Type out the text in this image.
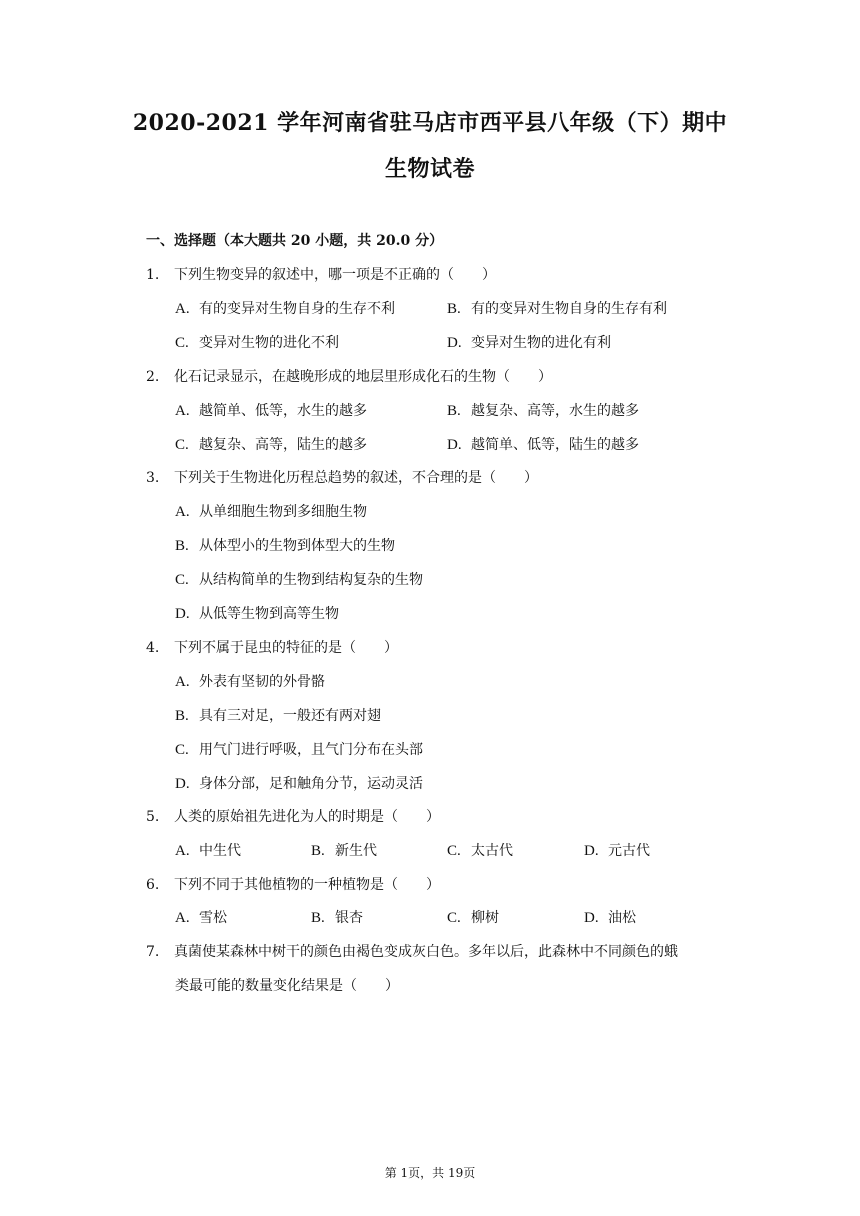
2020-2021 学年河南省驻马店市西平县八年级（下）期中
生物试卷
一、选择题（本大题共 20 小题，共 20.0 分）
1. 下列生物变异的叙述中，哪一项是不正确的（　　）
A. 有的变异对生物自身的生存不利	B. 有的变异对生物自身的生存有利
C. 变异对生物的进化不利	D. 变异对生物的进化有利
2. 化石记录显示，在越晚形成的地层里形成化石的生物（　　）
A. 越简单、低等，水生的越多	B. 越复杂、高等，水生的越多
C. 越复杂、高等，陆生的越多	D. 越简单、低等，陆生的越多
3. 下列关于生物进化历程总趋势的叙述，不合理的是（　　）
A. 从单细胞生物到多细胞生物
B. 从体型小的生物到体型大的生物
C. 从结构简单的生物到结构复杂的生物
D. 从低等生物到高等生物
4. 下列不属于昆虫的特征的是（　　）
A. 外表有坚韧的外骨骼
B. 具有三对足，一般还有两对翅
C. 用气门进行呼吸，且气门分布在头部
D. 身体分部，足和触角分节，运动灵活
5. 人类的原始祖先进化为人的时期是（　　）
A. 中生代	B. 新生代	C. 太古代	D. 元古代
6. 下列不同于其他植物的一种植物是（　　）
A. 雪松	B. 银杏	C. 柳树	D. 油松
7. 真菌使某森林中树干的颜色由褐色变成灰白色。多年以后，此森林中不同颜色的蛾
类最可能的数量变化结果是（　　）
第 1页，共 19页
